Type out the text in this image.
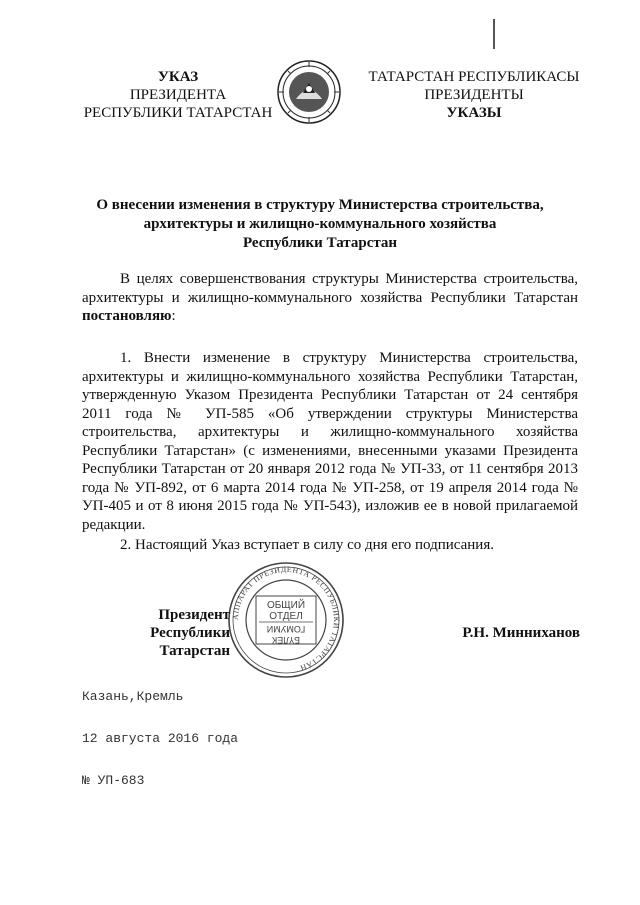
УКАЗ
ПРЕЗИДЕНТА
РЕСПУБЛИКИ ТАТАРСТАН
ТАТАРСТАН РЕСПУБЛИКАСЫ
ПРЕЗИДЕНТЫ
УКАЗЫ
О внесении изменения в структуру Министерства строительства,
архитектуры и жилищно-коммунального хозяйства
Республики Татарстан
В целях совершенствования структуры Министерства строительства, архитектуры и жилищно-коммунального хозяйства Республики Татарстан постановляю:
1. Внести изменение в структуру Министерства строительства, архитектуры и жилищно-коммунального хозяйства Республики Татарстан, утвержденную Указом Президента Республики Татарстан от 24 сентября 2011 года № УП-585 «Об утверждении структуры Министерства строительства, архитектуры и жилищно-коммунального хозяйства Республики Татарстан» (с изменениями, внесенными указами Президента Республики Татарстан от 20 января 2012 года № УП-33, от 11 сентября 2013 года № УП-892, от 6 марта 2014 года № УП-258, от 19 апреля 2014 года № УП-405 и от 8 июня 2015 года № УП-543), изложив ее в новой прилагаемой редакции.
2. Настоящий Указ вступает в силу со дня его подписания.
АППАРАТ ПРЕЗИДЕНТА РЕСПУБЛИКИ ТАТАРСТАН
ОБЩИЙ
ОТДЕЛ
ГОМУМИ
БҮЛЕК
Президент
Республики Татарстан
Р.Н. Минниханов

Казань,Кремль

12 августа 2016 года

№ УП-683
